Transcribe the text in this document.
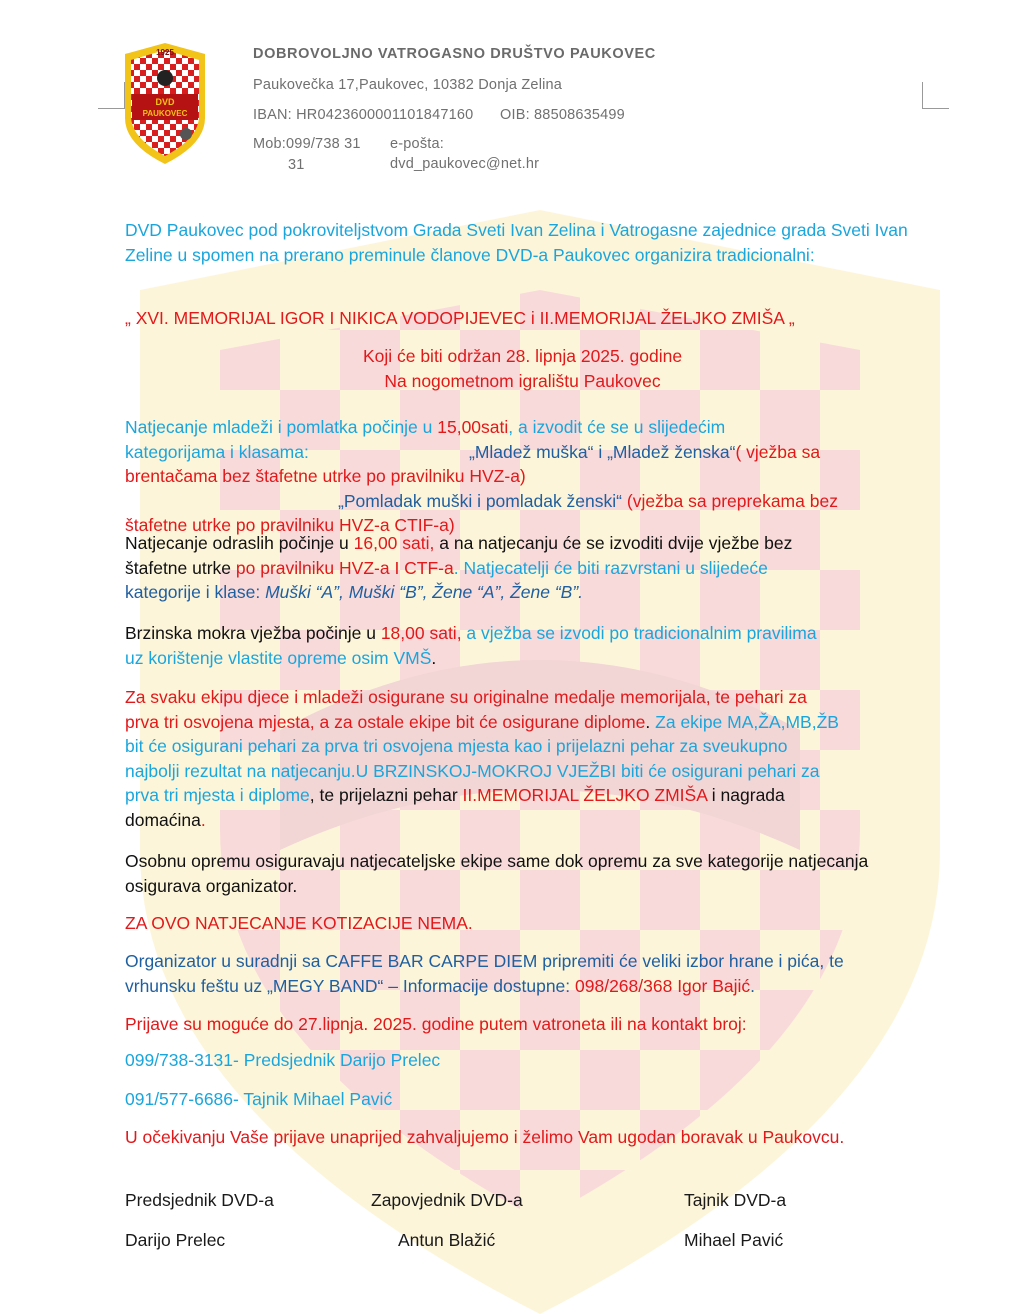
1925
DVD
PAUKOVEC
DOBROVOLJNO VATROGASNO DRUŠTVO PAUKOVEC
Paukovečka 17,Paukovec, 10382 Donja Zelina
IBAN: HR0423600001101847160 OIB: 88508635499
Mob:099/738 31
31
e-pošta:
dvd_paukovec@net.hr
DVD Paukovec pod pokroviteljstvom Grada Sveti Ivan Zelina i Vatrogasne zajednice grada Sveti Ivan Zeline u spomen na prerano preminule članove DVD-a Paukovec organizira tradicionalni:
„ XVI. MEMORIJAL IGOR I NIKICA VODOPIJEVEC i II.MEMORIJAL ŽELJKO ZMIŠA „
Koji će biti održan 28. lipnja 2025. godine
Na nogometnom igralištu Paukovec
Natjecanje mladeži i pomlatka počinje u 15,00sati, a izvodit će se u slijedećim
kategorijama i klasama:	„Mladež muška“ i „Mladež ženska“( vježba sa
brentačama bez štafetne utrke po pravilniku HVZ-a)
„Pomladak muški i pomladak ženski“ (vježba sa preprekama bez
štafetne utrke po pravilniku HVZ-a CTIF-a)
Natjecanje odraslih počinje u 16,00 sati, a na natjecanju će se izvoditi dvije vježbe bez
štafetne utrke po pravilniku HVZ-a I CTF-a. Natjecatelji će biti razvrstani u slijedeće
kategorije i klase: Muški “A”, Muški “B”, Žene “A”, Žene “B”.
Brzinska mokra vježba počinje u 18,00 sati, a vježba se izvodi po tradicionalnim pravilima
uz korištenje vlastite opreme osim VMŠ.
Za svaku ekipu djece i mladeži osigurane su originalne medalje memorijala, te pehari za
prva tri osvojena mjesta, a za ostale ekipe bit će osigurane diplome. Za ekipe MA,ŽA,MB,ŽB
bit će osigurani pehari za prva tri osvojena mjesta kao i prijelazni pehar za sveukupno
najbolji rezultat na natjecanju.U BRZINSKOJ-MOKROJ VJEŽBI biti će osigurani pehari za
prva tri mjesta i diplome, te prijelazni pehar II.MEMORIJAL ŽELJKO ZMIŠA i nagrada
domaćina.
Osobnu opremu osiguravaju natjecateljske ekipe same dok opremu za sve kategorije natjecanja osigurava organizator.
ZA OVO NATJECANJE KOTIZACIJE NEMA.
Organizator u suradnji sa CAFFE BAR CARPE DIEM pripremiti će veliki izbor hrane i pića, te
vrhunsku feštu uz „MEGY BAND“ – Informacije dostupne: 098/268/368 Igor Bajić.
Prijave su moguće do 27.lipnja. 2025. godine putem vatroneta ili na kontakt broj:
099/738-3131- Predsjednik Darijo Prelec
091/577-6686- Tajnik Mihael Pavić
U očekivanju Vaše prijave unaprijed zahvaljujemo i želimo Vam ugodan boravak u Paukovcu.
Predsjednik DVD-a	Zapovjednik DVD-a	Tajnik DVD-a
Darijo Prelec	Antun Blažić	Mihael Pavić
